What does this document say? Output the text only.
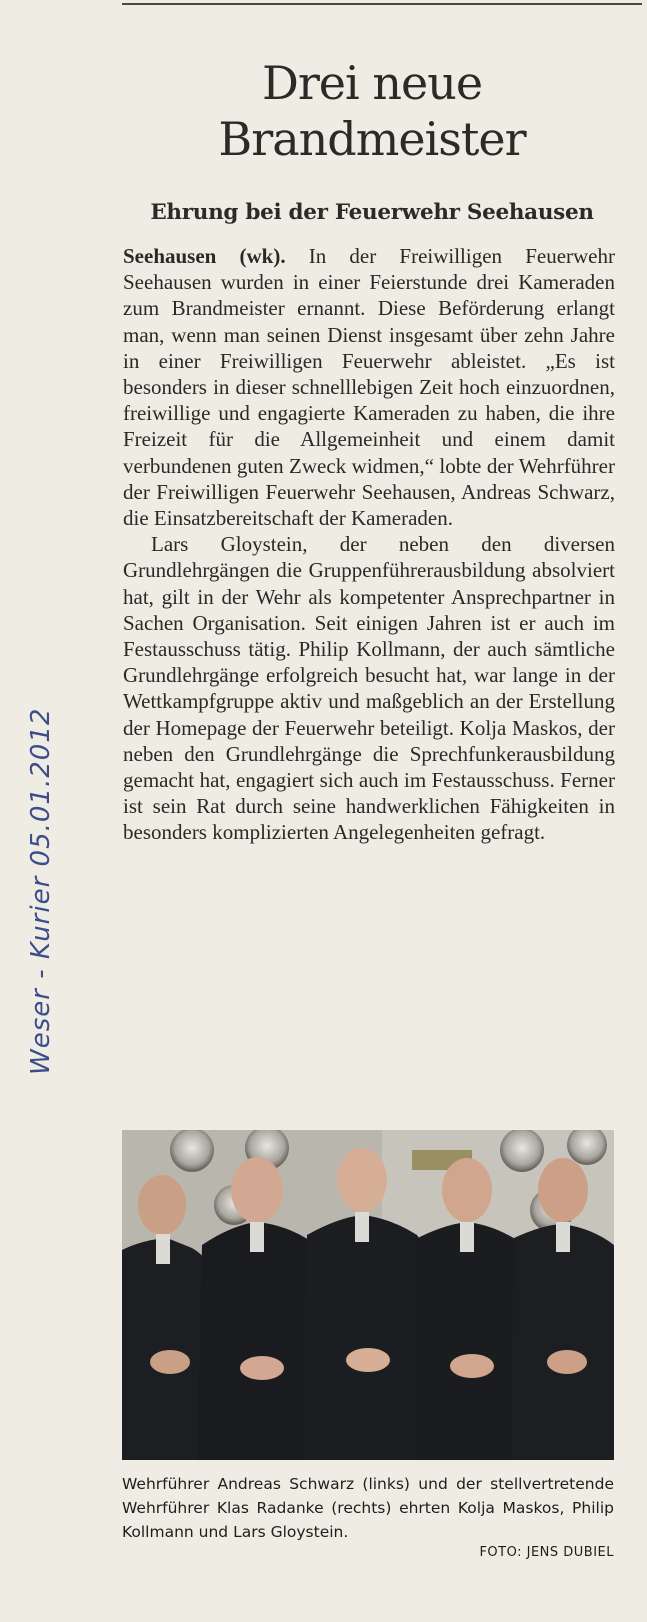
Weser - Kurier 05.01.2012
Drei neue
Brandmeister
Ehrung bei der Feuerwehr Seehausen

Seehausen (wk). In der Freiwilligen Feuerwehr Seehausen wurden in einer Feierstunde drei Kameraden zum Brandmeister ernannt. Diese Beförderung erlangt man, wenn man seinen Dienst insgesamt über zehn Jahre in einer Freiwilligen Feuerwehr ableistet. „Es ist besonders in dieser schnelllebigen Zeit hoch einzuordnen, freiwillige und engagierte Kameraden zu haben, die ihre Freizeit für die Allgemeinheit und einem damit verbundenen guten Zweck widmen,“ lobte der Wehrführer der Freiwilligen Feuerwehr Seehausen, Andreas Schwarz, die Einsatzbereitschaft der Kameraden.

Lars Gloystein, der neben den diversen Grundlehrgängen die Gruppenführerausbildung absolviert hat, gilt in der Wehr als kompetenter Ansprechpartner in Sachen Organisation. Seit einigen Jahren ist er auch im Festausschuss tätig. Philip Kollmann, der auch sämtliche Grundlehrgänge erfolgreich besucht hat, war lange in der Wettkampfgruppe aktiv und maßgeblich an der Erstellung der Homepage der Feuerwehr beteiligt. Kolja Maskos, der neben den Grundlehrgänge die Sprechfunkerausbildung gemacht hat, engagiert sich auch im Festausschuss. Ferner ist sein Rat durch seine handwerklichen Fähigkeiten in besonders komplizierten Angelegenheiten gefragt.

Wehrführer Andreas Schwarz (links) und der stellvertretende Wehrführer Klas Radanke (rechts) ehrten Kolja Maskos, Philip Kollmann und Lars Gloystein.
FOTO: JENS DUBIEL
